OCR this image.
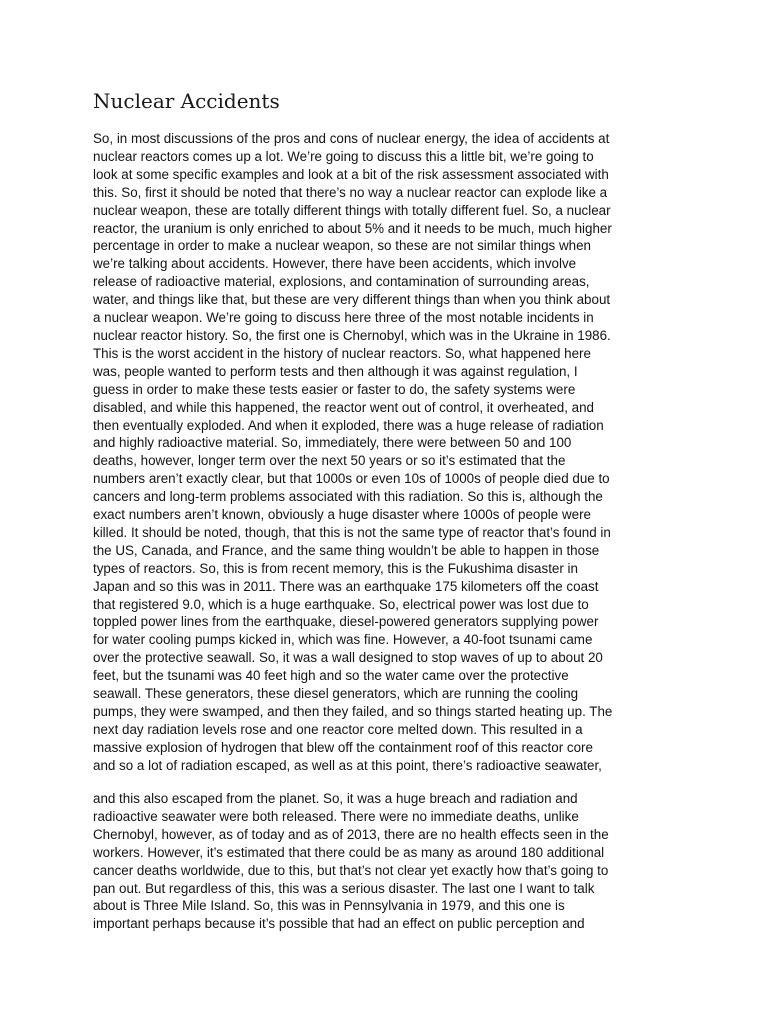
Nuclear Accidents

So, in most discussions of the pros and cons of nuclear energy, the idea of accidents at
nuclear reactors comes up a lot. We’re going to discuss this a little bit, we’re going to
look at some specific examples and look at a bit of the risk assessment associated with
this. So, first it should be noted that there’s no way a nuclear reactor can explode like a
nuclear weapon, these are totally different things with totally different fuel. So, a nuclear
reactor, the uranium is only enriched to about 5% and it needs to be much, much higher
percentage in order to make a nuclear weapon, so these are not similar things when
we’re talking about accidents. However, there have been accidents, which involve
release of radioactive material, explosions, and contamination of surrounding areas,
water, and things like that, but these are very different things than when you think about
a nuclear weapon. We’re going to discuss here three of the most notable incidents in
nuclear reactor history. So, the first one is Chernobyl, which was in the Ukraine in 1986.
This is the worst accident in the history of nuclear reactors. So, what happened here
was, people wanted to perform tests and then although it was against regulation, I
guess in order to make these tests easier or faster to do, the safety systems were
disabled, and while this happened, the reactor went out of control, it overheated, and
then eventually exploded. And when it exploded, there was a huge release of radiation
and highly radioactive material. So, immediately, there were between 50 and 100
deaths, however, longer term over the next 50 years or so it’s estimated that the
numbers aren’t exactly clear, but that 1000s or even 10s of 1000s of people died due to
cancers and long-term problems associated with this radiation. So this is, although the
exact numbers aren’t known, obviously a huge disaster where 1000s of people were
killed. It should be noted, though, that this is not the same type of reactor that’s found in
the US, Canada, and France, and the same thing wouldn’t be able to happen in those
types of reactors. So, this is from recent memory, this is the Fukushima disaster in
Japan and so this was in 2011. There was an earthquake 175 kilometers off the coast
that registered 9.0, which is a huge earthquake. So, electrical power was lost due to
toppled power lines from the earthquake, diesel-powered generators supplying power
for water cooling pumps kicked in, which was fine. However, a 40-foot tsunami came
over the protective seawall. So, it was a wall designed to stop waves of up to about 20
feet, but the tsunami was 40 feet high and so the water came over the protective
seawall. These generators, these diesel generators, which are running the cooling
pumps, they were swamped, and then they failed, and so things started heating up. The
next day radiation levels rose and one reactor core melted down. This resulted in a
massive explosion of hydrogen that blew off the containment roof of this reactor core
and so a lot of radiation escaped, as well as at this point, there’s radioactive seawater,

and this also escaped from the planet. So, it was a huge breach and radiation and
radioactive seawater were both released. There were no immediate deaths, unlike
Chernobyl, however, as of today and as of 2013, there are no health effects seen in the
workers. However, it’s estimated that there could be as many as around 180 additional
cancer deaths worldwide, due to this, but that’s not clear yet exactly how that’s going to
pan out. But regardless of this, this was a serious disaster. The last one I want to talk
about is Three Mile Island. So, this was in Pennsylvania in 1979, and this one is
important perhaps because it’s possible that had an effect on public perception and
